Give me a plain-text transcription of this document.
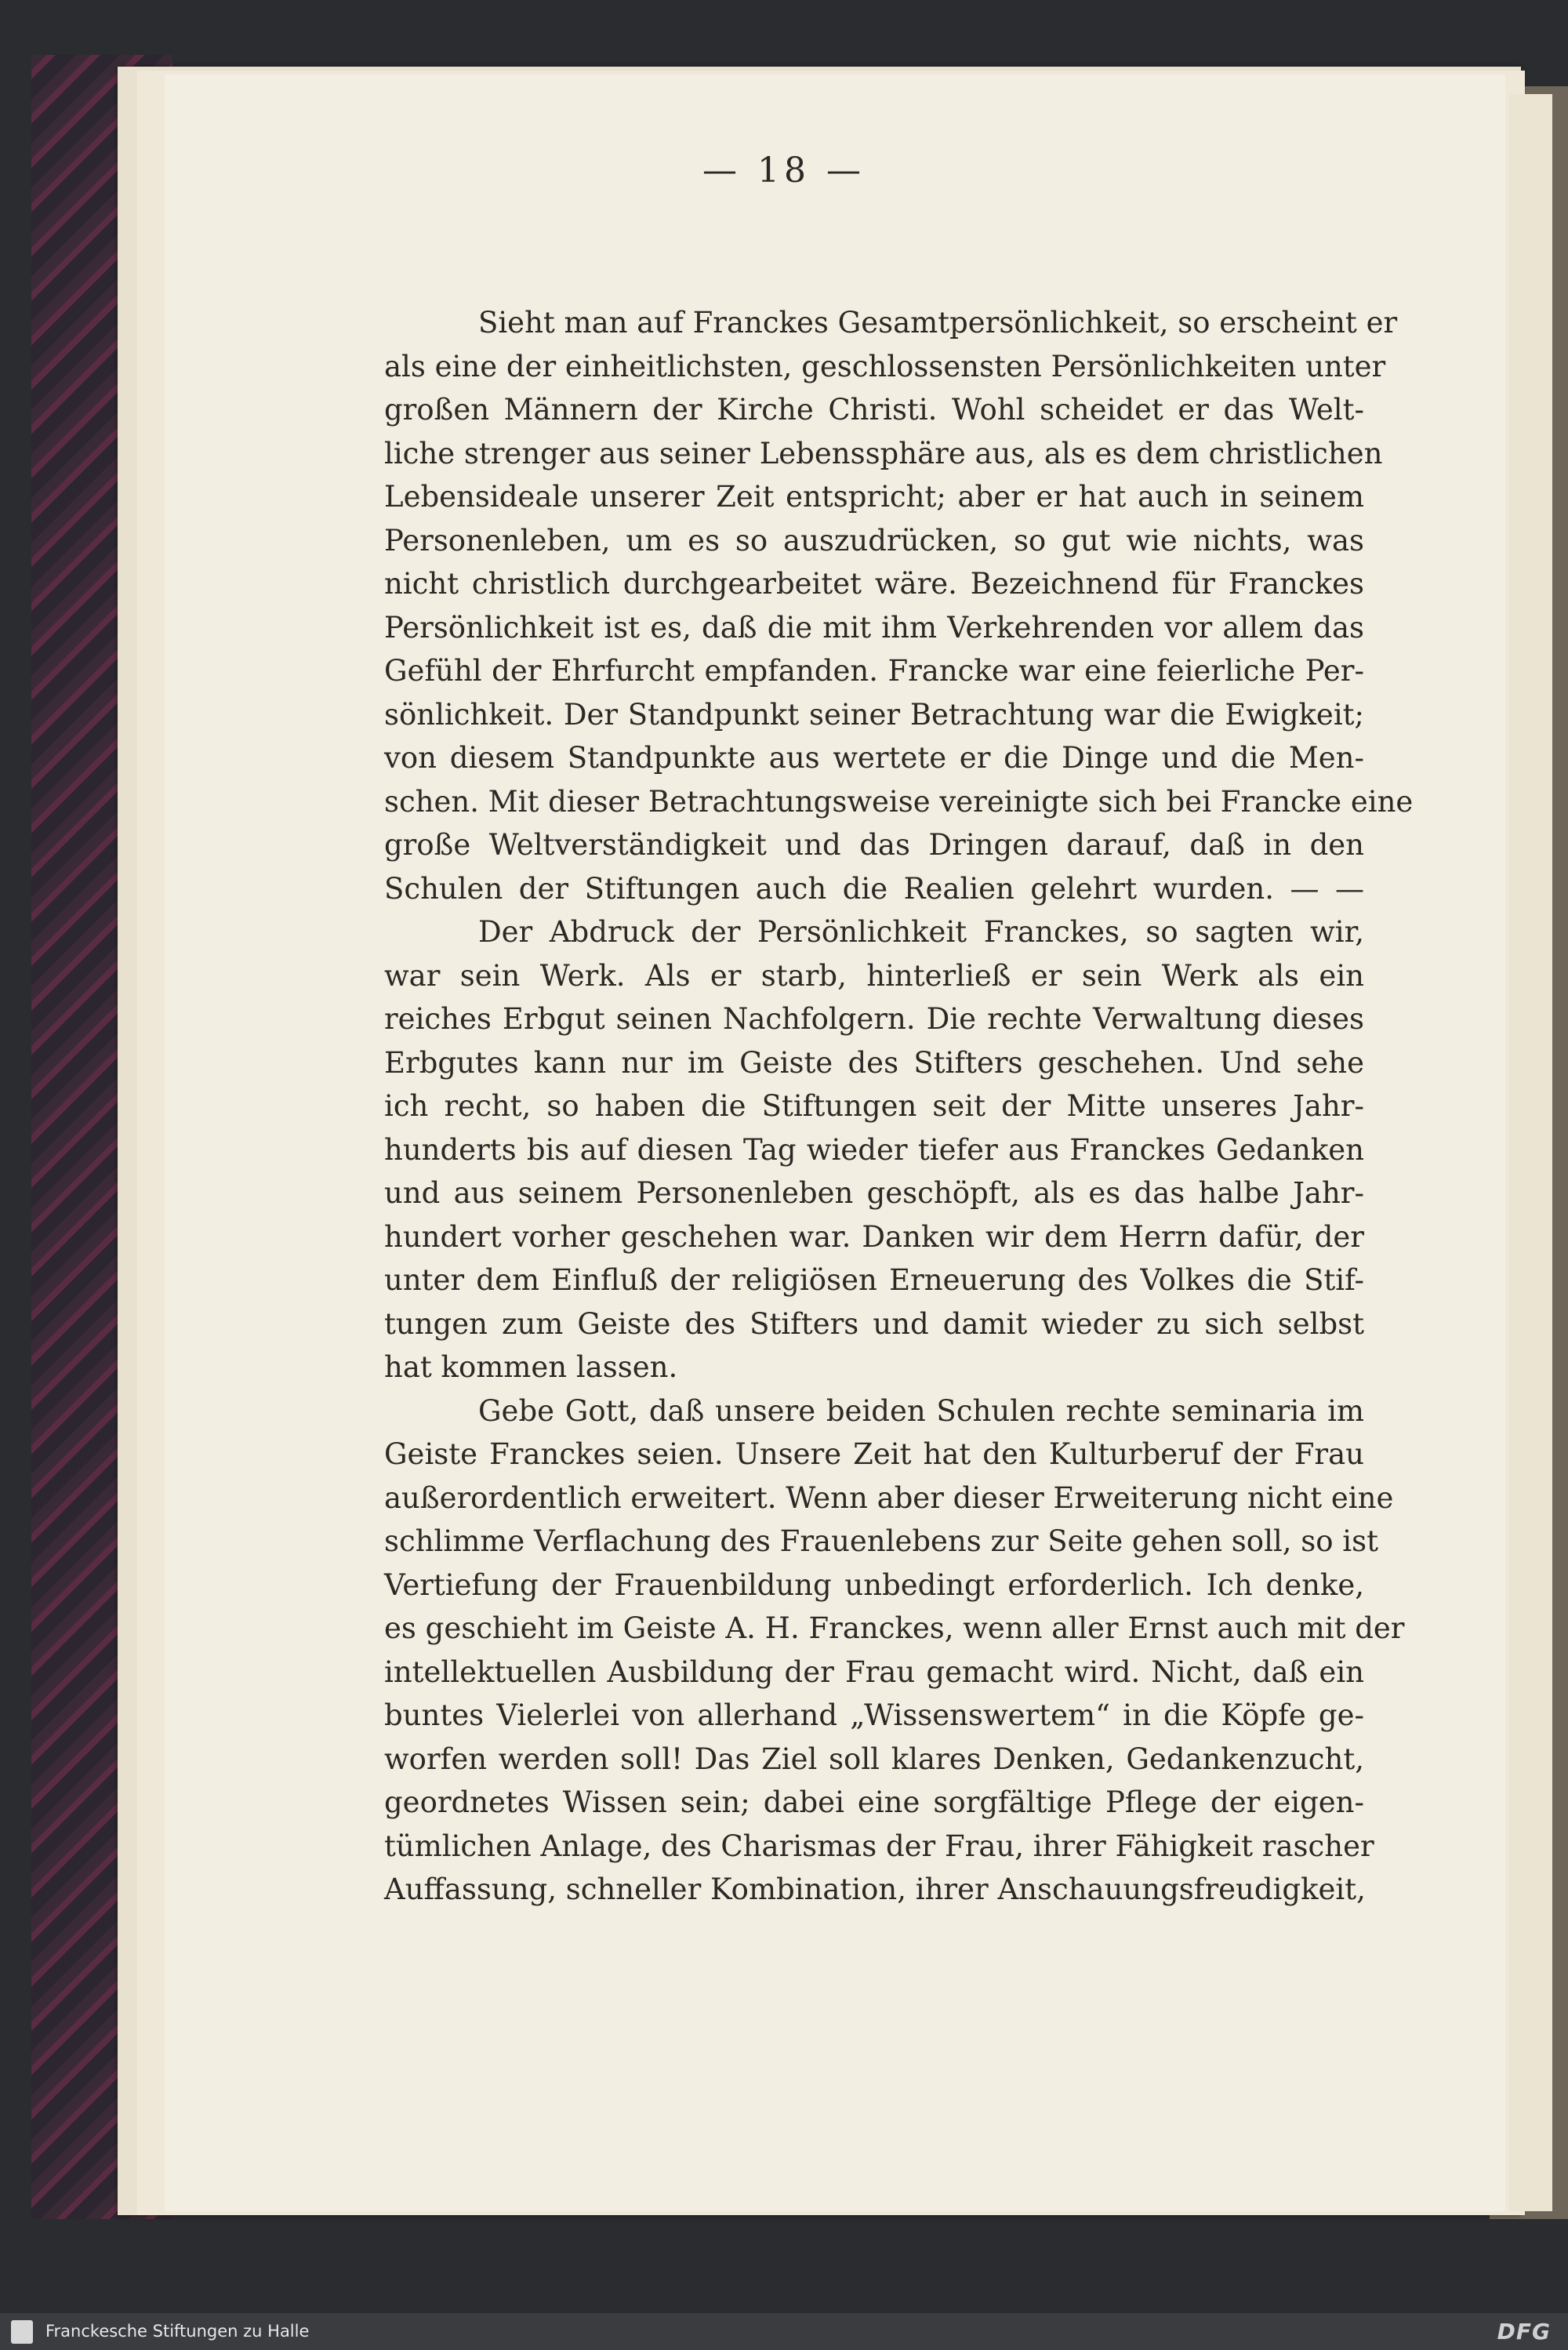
— 18 —
Sieht man auf Franckes Gesamtpersönlichkeit, so erscheint er
als eine der einheitlichsten, geschlossensten Persönlichkeiten unter
großen Männern der Kirche Christi. Wohl scheidet er das Welt-
liche strenger aus seiner Lebenssphäre aus, als es dem christlichen
Lebensideale unserer Zeit entspricht; aber er hat auch in seinem
Personenleben, um es so auszudrücken, so gut wie nichts, was
nicht christlich durchgearbeitet wäre. Bezeichnend für Franckes
Persönlichkeit ist es, daß die mit ihm Verkehrenden vor allem das
Gefühl der Ehrfurcht empfanden. Francke war eine feierliche Per-
sönlichkeit. Der Standpunkt seiner Betrachtung war die Ewigkeit;
von diesem Standpunkte aus wertete er die Dinge und die Men-
schen. Mit dieser Betrachtungsweise vereinigte sich bei Francke eine
große Weltverständigkeit und das Dringen darauf, daß in den
Schulen der Stiftungen auch die Realien gelehrt wurden. — —
Der Abdruck der Persönlichkeit Franckes, so sagten wir,
war sein Werk. Als er starb, hinterließ er sein Werk als ein
reiches Erbgut seinen Nachfolgern. Die rechte Verwaltung dieses
Erbgutes kann nur im Geiste des Stifters geschehen. Und sehe
ich recht, so haben die Stiftungen seit der Mitte unseres Jahr-
hunderts bis auf diesen Tag wieder tiefer aus Franckes Gedanken
und aus seinem Personenleben geschöpft, als es das halbe Jahr-
hundert vorher geschehen war. Danken wir dem Herrn dafür, der
unter dem Einfluß der religiösen Erneuerung des Volkes die Stif-
tungen zum Geiste des Stifters und damit wieder zu sich selbst
hat kommen lassen.
Gebe Gott, daß unsere beiden Schulen rechte seminaria im
Geiste Franckes seien. Unsere Zeit hat den Kulturberuf der Frau
außerordentlich erweitert. Wenn aber dieser Erweiterung nicht eine
schlimme Verflachung des Frauenlebens zur Seite gehen soll, so ist
Vertiefung der Frauenbildung unbedingt erforderlich. Ich denke,
es geschieht im Geiste A. H. Franckes, wenn aller Ernst auch mit der
intellektuellen Ausbildung der Frau gemacht wird. Nicht, daß ein
buntes Vielerlei von allerhand „Wissenswertem“ in die Köpfe ge-
worfen werden soll! Das Ziel soll klares Denken, Gedankenzucht,
geordnetes Wissen sein; dabei eine sorgfältige Pflege der eigen-
tümlichen Anlage, des Charismas der Frau, ihrer Fähigkeit rascher
Auffassung, schneller Kombination, ihrer Anschauungsfreudigkeit,
Franckesche Stiftungen zu Halle	DFG
